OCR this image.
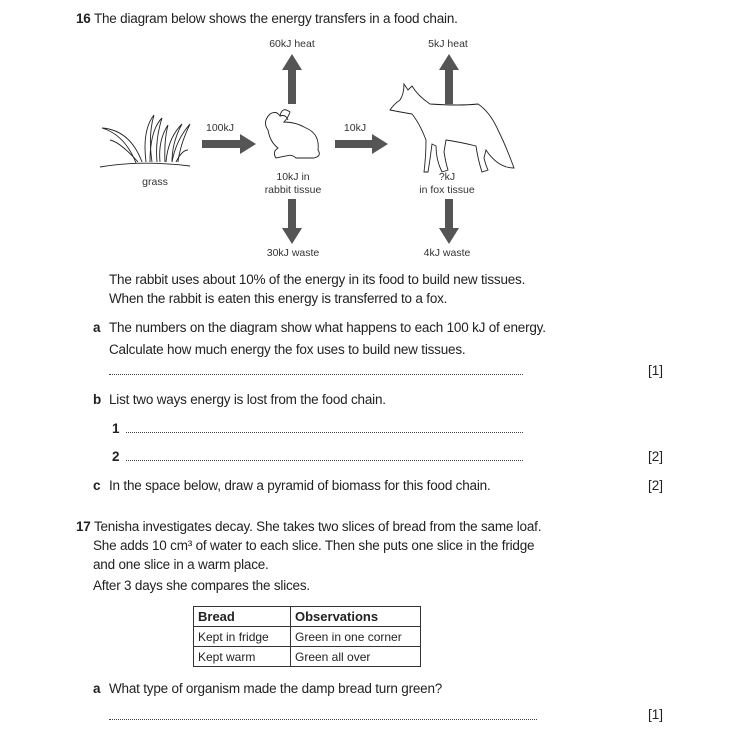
16 The diagram below shows the energy transfers in a food chain.
60kJ heat	5kJ heat
100kJ	10kJ
grass	10kJ in
rabbit tissue
?kJ
in fox tissue
30kJ waste	4kJ waste
The rabbit uses about 10% of the energy in its food to build new tissues.
When the rabbit is eaten this energy is transferred to a fox.
a The numbers on the diagram show what happens to each 100 kJ of energy.
Calculate how much energy the fox uses to build new tissues.
[1]
b List two ways energy is lost from the food chain.
1
2	[2]
c In the space below, draw a pyramid of biomass for this food chain.	[2]
17 Tenisha investigates decay. She takes two slices of bread from the same loaf.
She adds 10 cm³ of water to each slice. Then she puts one slice in the fridge
and one slice in a warm place.
After 3 days she compares the slices.
Bread	Observations
Kept in fridge	Green in one corner
Kept warm	Green all over
a What type of organism made the damp bread turn green?
[1]
